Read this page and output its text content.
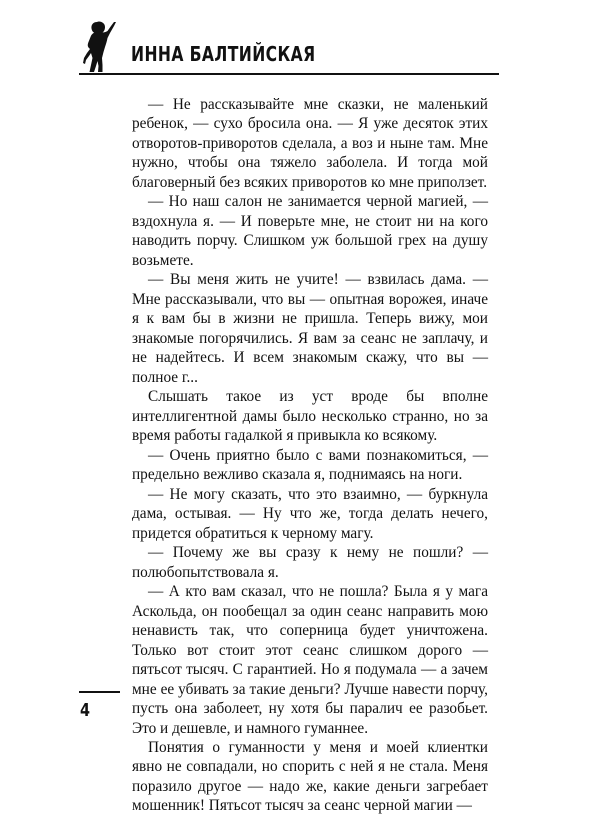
ИННА БАЛТИЙСКАЯ

— Не рассказывайте мне сказки, не маленький ребенок, — сухо бросила она. — Я уже десяток этих отворотов-приворотов сделала, а воз и ныне там. Мне нужно, чтобы она тяжело заболела. И тогда мой благоверный без всяких приворотов ко мне приползет.

— Но наш салон не занимается черной магией, — вздохнула я. — И поверьте мне, не стоит ни на кого наводить порчу. Слишком уж большой грех на душу возьмете.

— Вы меня жить не учите! — взвилась дама. — Мне рассказывали, что вы — опытная ворожея, иначе я к вам бы в жизни не пришла. Теперь вижу, мои знакомые погорячились. Я вам за сеанс не заплачу, и не надейтесь. И всем знакомым скажу, что вы — полное г...

Слышать такое из уст вроде бы вполне интеллигентной дамы было несколько странно, но за время работы гадалкой я привыкла ко всякому.

— Очень приятно было с вами познакомиться, — предельно вежливо сказала я, поднимаясь на ноги.

— Не могу сказать, что это взаимно, — буркнула дама, остывая. — Ну что же, тогда делать нечего, придется обратиться к черному магу.

— Почему же вы сразу к нему не пошли? — полюбопытствовала я.

— А кто вам сказал, что не пошла? Была я у мага Аскольда, он пообещал за один сеанс направить мою ненависть так, что соперница будет уничтожена. Только вот стоит этот сеанс слишком дорого — пятьсот тысяч. С гарантией. Но я подумала — а зачем мне ее убивать за такие деньги? Лучше навести порчу, пусть она заболеет, ну хотя бы паралич ее разобьет. Это и дешевле, и намного гуманнее.

Понятия о гуманности у меня и моей клиентки явно не совпадали, но спорить с ней я не стала. Меня поразило другое — надо же, какие деньги загребает мошенник! Пятьсот тысяч за сеанс черной магии —

4
